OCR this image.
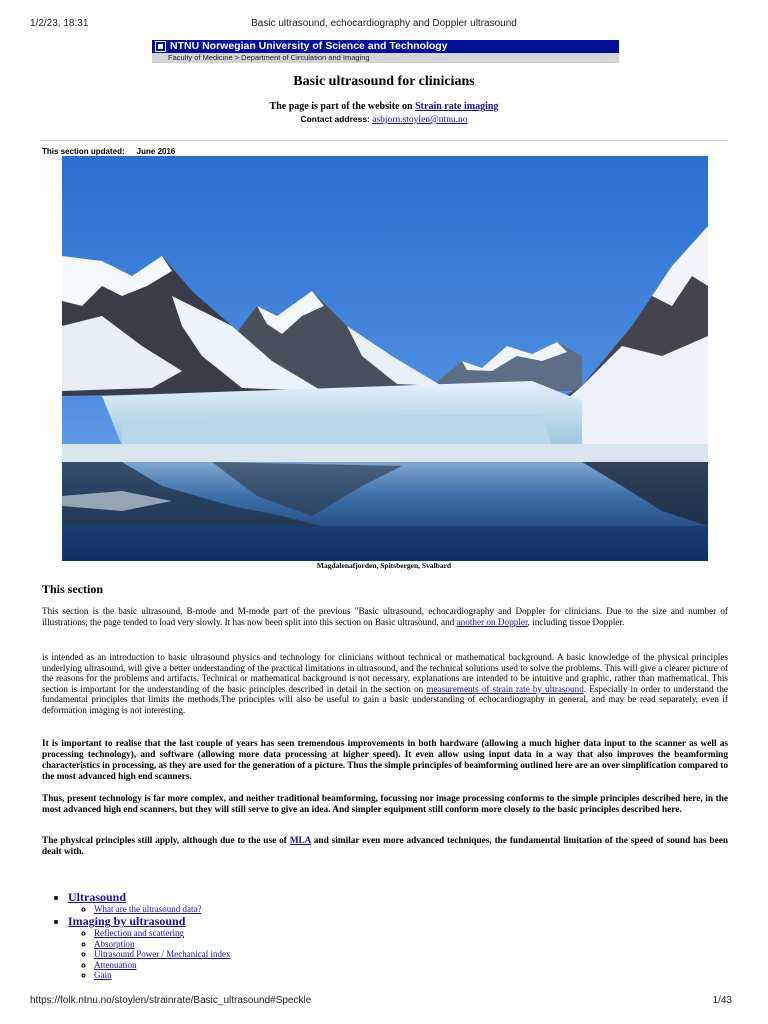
1/2/23, 18:31	Basic ultrasound, echocardiography and Doppler ultrasound
NTNU Norwegian University of Science and Technology
Faculty of Medicine > Department of Circulation and Imaging
Basic ultrasound for clinicians
The page is part of the website on Strain rate imaging
Contact address: asbjorn.stoylen@ntnu.no
This section updated: June 2016
Magdalenafjorden, Spitsbergen, Svalbard
This section
This section is the basic ultrasound, B-mode and M-mode part of the previous "Basic ultrasound, echocardiography and Doppler for clinicians. Due to the size and number of illustrations, the page tended to load very slowly. It has now been split into this section on Basic ultrasound, and another on Doppler, including tissue Doppler.
is intended as an introduction to basic ultrasound physics and technology for clinicians without technical or mathematical background. A basic knowledge of the physical principles underlying ultrasound, will give a better understanding of the practical limitations in ultrasound, and the technical solutions used to solve the problems. This will give a clearer picture of the reasons for the problems and artifacts. Technical or mathematical background is not necessary, explanations are intended to be intuitive and graphic, rather than mathematical. This section is important for the understanding of the basic principles described in detail in the section on measurements of strain rate by ultrasound. Especially in order to understand the fundamental principles that limits the methods.The principles will also be useful to gain a basic understanding of echocardiography in general, and may be read separately, even if deformation imaging is not interesting.
It is important to realise that the last couple of years has seen tremendous improvements in both hardware (allowing a much higher data input to the scanner as well as processing technology), and software (allowing more data processing at higher speed). It even allow using input data in a way that also improves the beamforming characteristics in processing, as they are used for the generation of a picture. Thus the simple principles of beamforming outlined here are an over simplification compared to the most advanced high end scanners.
Thus, present technology is far more complex, and neither traditional beamforming, focussing nor image processing conforms to the simple principles described here, in the most advanced high end scanners, but they will still serve to give an idea. And simpler equipment still conform more closely to the basic principles described here.
The physical principles still apply, although due to the use of MLA and similar even more advanced techniques, the fundamental limitation of the speed of sound has been dealt with.
• Ultrasound
◦ What are the ultrasound data?
• Imaging by ultrasound
◦ Reflection and scattering
◦ Absorption
◦ Ultrasound Power / Mechanical index
◦ Attenuation
◦ Gain
https://folk.ntnu.no/stoylen/strainrate/Basic_ultrasound#Speckle	1/43
